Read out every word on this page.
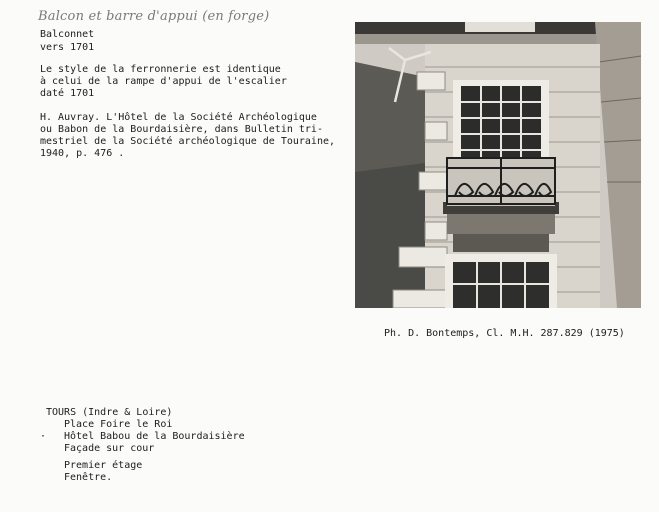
Balcon et barre d'appui (en forge)
Balconnet
vers 1701
Le style de la ferronnerie est identique
à celui de la rampe d'appui de l'escalier
daté 1701
H. Auvray. L'Hôtel de la Société Archéologique
ou Babon de la Bourdaisière, dans Bulletin tri-
mestriel de la Société archéologique de Touraine,
1940, p. 476 .
Ph. D. Bontemps, Cl. M.H. 287.829 (1975)
TOURS (Indre & Loire)
Place Foire le Roi
· Hôtel Babou de la Bourdaisière
Façade sur cour
Premier étage
Fenêtre.
